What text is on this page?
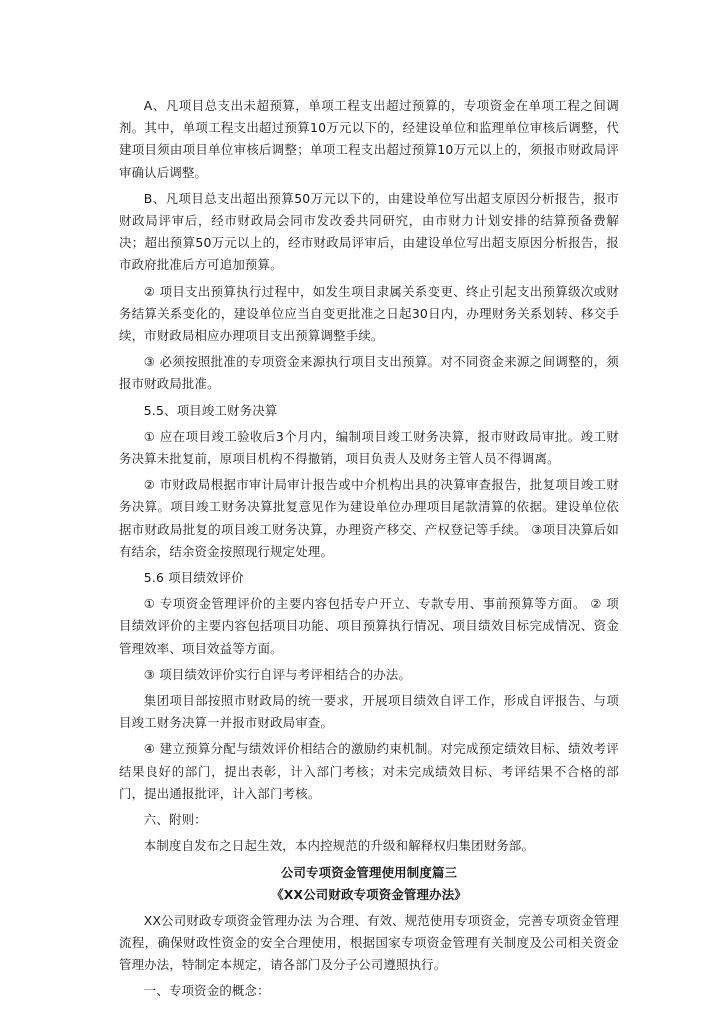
A、凡项目总支出未超预算，单项工程支出超过预算的，专项资金在单项工程之间调剂。其中，单项工程支出超过预算10万元以下的，经建设单位和监理单位审核后调整，代建项目须由项目单位审核后调整；单项工程支出超过预算10万元以上的，须报市财政局评审确认后调整。

B、凡项目总支出超出预算50万元以下的，由建设单位写出超支原因分析报告，报市财政局评审后，经市财政局会同市发改委共同研究，由市财力计划安排的结算预备费解决；超出预算50万元以上的，经市财政局评审后，由建设单位写出超支原因分析报告，报市政府批准后方可追加预算。

② 项目支出预算执行过程中，如发生项目隶属关系变更、终止引起支出预算级次或财务结算关系变化的，建设单位应当自变更批准之日起30日内，办理财务关系划转、移交手续，市财政局相应办理项目支出预算调整手续。

③ 必须按照批准的专项资金来源执行项目支出预算。对不同资金来源之间调整的，须报市财政局批准。

5.5、项目竣工财务决算

① 应在项目竣工验收后3个月内，编制项目竣工财务决算，报市财政局审批。竣工财务决算未批复前，原项目机构不得撤销，项目负责人及财务主管人员不得调离。

② 市财政局根据市审计局审计报告或中介机构出具的决算审查报告，批复项目竣工财务决算。项目竣工财务决算批复意见作为建设单位办理项目尾款清算的依据。建设单位依据市财政局批复的项目竣工财务决算，办理资产移交、产权登记等手续。 ③项目决算后如有结余，结余资金按照现行规定处理。

5.6 项目绩效评价

① 专项资金管理评价的主要内容包括专户开立、专款专用、事前预算等方面。 ② 项目绩效评价的主要内容包括项目功能、项目预算执行情况、项目绩效目标完成情况、资金管理效率、项目效益等方面。

③ 项目绩效评价实行自评与考评相结合的办法。

集团项目部按照市财政局的统一要求，开展项目绩效自评工作，形成自评报告、与项目竣工财务决算一并报市财政局审查。

④ 建立预算分配与绩效评价相结合的激励约束机制。对完成预定绩效目标、绩效考评结果良好的部门，提出表彰，计入部门考核；对未完成绩效目标、考评结果不合格的部门，提出通报批评，计入部门考核。

六、附则：

本制度自发布之日起生效，本内控规范的升级和解释权归集团财务部。

公司专项资金管理使用制度篇三

《XX公司财政专项资金管理办法》

XX公司财政专项资金管理办法 为合理、有效、规范使用专项资金，完善专项资金管理流程，确保财政性资金的安全合理使用，根据国家专项资金管理有关制度及公司相关资金管理办法，特制定本规定，请各部门及分子公司遵照执行。

一、专项资金的概念：
